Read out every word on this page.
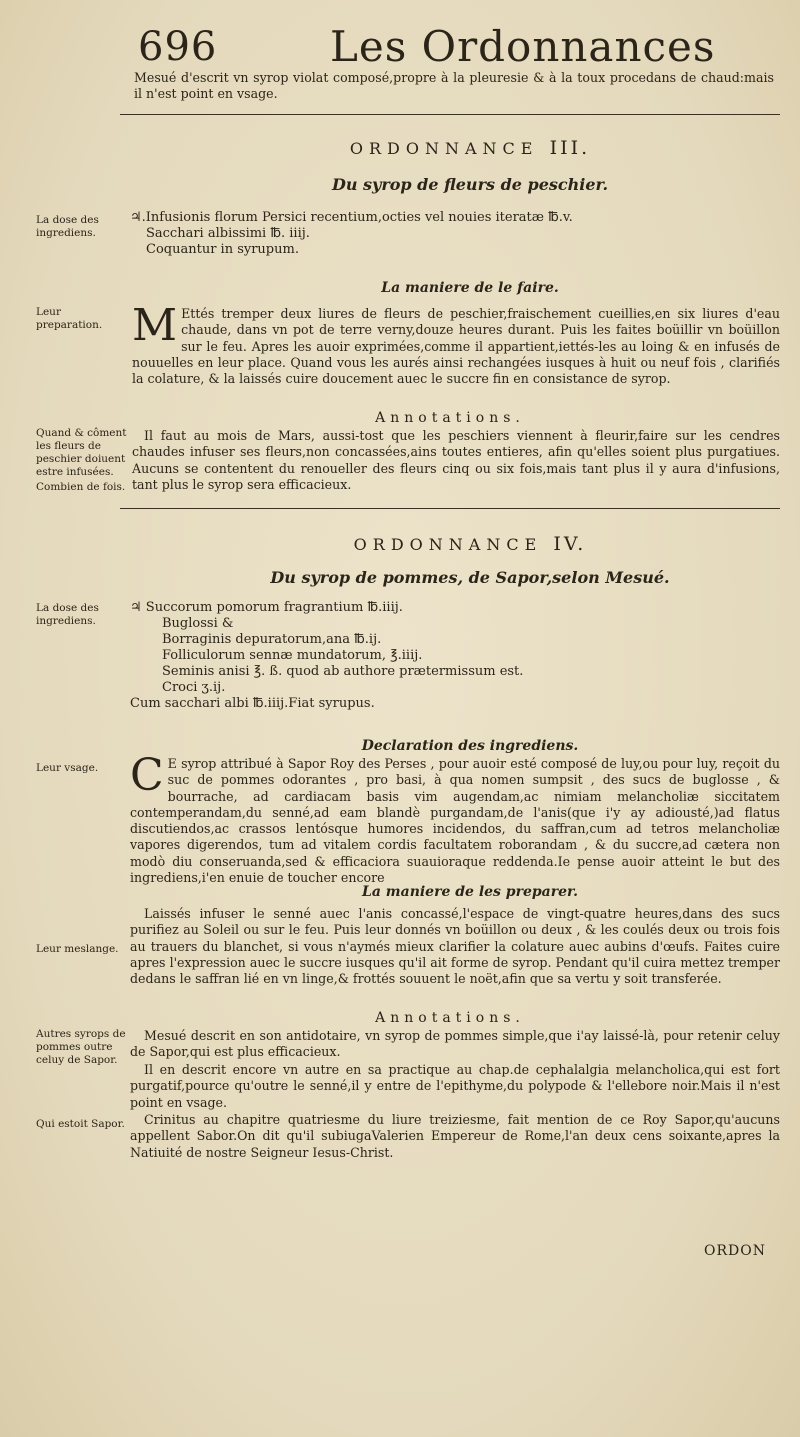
696	Les Ordonnances

Mesué d'escrit vn syrop violat composé,propre à la pleuresie & à la toux procedans de chaud:mais il n'est point en vsage.

ORDONNANCE III.
Du syrop de fleurs de peschier.
La dose des ingrediens.
♃.Infusionis florum Persici recentium,octies vel nouies iteratæ ℔.v.
Sacchari albissimi ℔. iiij.
Coquantur in syrupum.
La maniere de le faire.
Leur preparation. M Ettés tremper deux liures de fleurs de peschier,fraischement cueillies,en six liures d'eau chaude, dans vn pot de terre verny,douze heures durant. Puis les faites boüillir vn boüillon sur le feu. Apres les auoir exprimées,comme il appartient,iettés-les au loing & en infusés de nouuelles en leur place. Quand vous les aurés ainsi rechangées iusques à huit ou neuf fois , clarifiés la colature, & la laissés cuire doucement auec le succre fin en consistance de syrop.
Annotations.
Quand & côment les fleurs de peschier doiuent estre infusées.
Combien de fois.

Il faut au mois de Mars, aussi-tost que les peschiers viennent à fleurir,faire sur les cendres chaudes infuser ses fleurs,non concassées,ains toutes entieres, afin qu'elles soient plus purgatiues. Aucuns se contentent du renoueller des fleurs cinq ou six fois,mais tant plus il y aura d'infusions, tant plus le syrop sera efficacieux.

ORDONNANCE IV.
Du syrop de pommes, de Sapor,selon Mesué.
La dose des ingrediens.
♃ Succorum pomorum fragrantium ℔.iiij.
Buglossi &
Borraginis depuratorum,ana ℔.ij.
Folliculorum sennæ mundatorum, ℥.iiij.
Seminis anisi ℥. ß. quod ab authore prætermissum est.
Croci ʒ.ij.
Cum sacchari albi ℔.iiij.Fiat syrupus.
Declaration des ingrediens.
Leur vsage. C E syrop attribué à Sapor Roy des Perses , pour auoir esté composé de luy,ou pour luy, reçoit du suc de pommes odorantes , pro basi, à qua nomen sumpsit , des sucs de buglosse , & bourrache, ad cardiacam basis vim augendam,ac nimiam melancholiæ siccitatem contemperandam,du senné,ad eam blandè purgandam,de l'anis(que i'y ay adiousté,)ad flatus discutiendos,ac crassos lentósque humores incidendos, du saffran,cum ad tetros melancholiæ vapores digerendos, tum ad vitalem cordis facultatem roborandam , & du succre,ad cætera non modò diu conseruanda,sed & efficaciora suauioraque reddenda.Ie pense auoir atteint le but des ingrediens,i'en enuie de toucher encore
La maniere de les preparer.
Leur meslange.

Laissés infuser le senné auec l'anis concassé,l'espace de vingt-quatre heures,dans des sucs purifiez au Soleil ou sur le feu. Puis leur donnés vn boüillon ou deux , & les coulés deux ou trois fois au trauers du blanchet, si vous n'aymés mieux clarifier la colature auec aubins d'œufs. Faites cuire apres l'expression auec le succre iusques qu'il ait forme de syrop. Pendant qu'il cuira mettez tremper dedans le saffran lié en vn linge,& frottés souuent le noët,afin que sa vertu y soit transferée.

Annotations.
Autres syrops de pommes outre celuy de Sapor.

Mesué descrit en son antidotaire, vn syrop de pommes simple,que i'ay laissé-là, pour retenir celuy de Sapor,qui est plus efficacieux.

Il en descrit encore vn autre en sa practique au chap.de cephalalgia melancholica,qui est fort purgatif,pource qu'outre le senné,il y entre de l'epithyme,du polypode & l'ellebore noir.Mais il n'est point en vsage.

Qui estoit Sapor.	Crinitus au chapitre quatriesme du liure treiziesme, fait mention de ce Roy Sapor,qu'aucuns appellent Sabor.On dit qu'il subiugaValerien Empereur de Rome,l'an deux cens soixante,apres la Natiuité de nostre Seigneur Iesus-Christ.

ORDON
